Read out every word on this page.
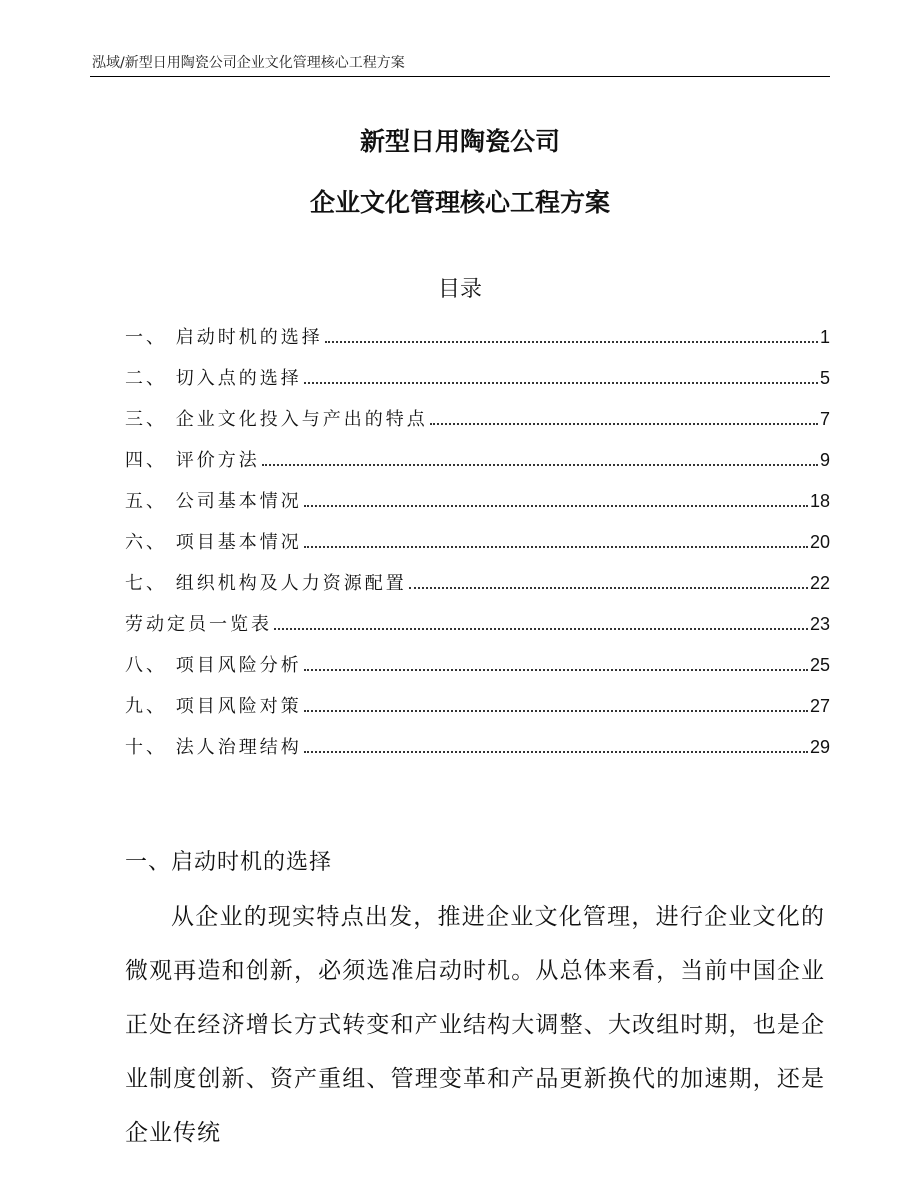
泓域/新型日用陶瓷公司企业文化管理核心工程方案
新型日用陶瓷公司
企业文化管理核心工程方案
目录
一、 启动时机的选择	1
二、 切入点的选择	5
三、 企业文化投入与产出的特点	7
四、 评价方法	9
五、 公司基本情况	18
六、 项目基本情况	20
七、 组织机构及人力资源配置	22
劳动定员一览表	23
八、 项目风险分析	25
九、 项目风险对策	27
十、 法人治理结构	29
一、启动时机的选择
从企业的现实特点出发，推进企业文化管理，进行企业文化的微观再造和创新，必须选准启动时机。从总体来看，当前中国企业正处在经济增长方式转变和产业结构大调整、大改组时期，也是企业制度创新、资产重组、管理变革和产品更新换代的加速期，还是企业传统
